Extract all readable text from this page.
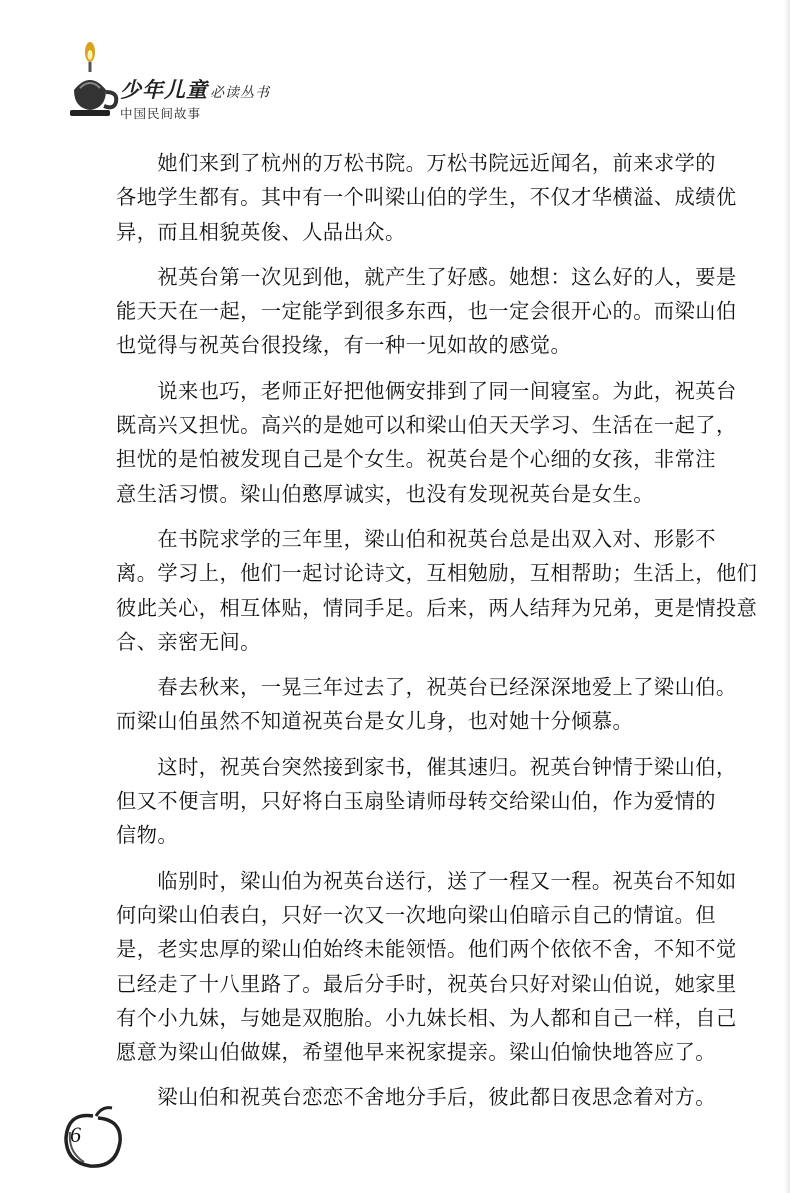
少年儿童 必读丛书
中国民间故事
　　她们来到了杭州的万松书院。万松书院远近闻名，前来求学的
各地学生都有。其中有一个叫梁山伯的学生，不仅才华横溢、成绩优
异，而且相貌英俊、人品出众。
　　祝英台第一次见到他，就产生了好感。她想：这么好的人，要是
能天天在一起，一定能学到很多东西，也一定会很开心的。而梁山伯
也觉得与祝英台很投缘，有一种一见如故的感觉。
　　说来也巧，老师正好把他俩安排到了同一间寝室。为此，祝英台
既高兴又担忧。高兴的是她可以和梁山伯天天学习、生活在一起了，
担忧的是怕被发现自己是个女生。祝英台是个心细的女孩，非常注
意生活习惯。梁山伯憨厚诚实，也没有发现祝英台是女生。
　　在书院求学的三年里，梁山伯和祝英台总是出双入对、形影不
离。学习上，他们一起讨论诗文，互相勉励，互相帮助；生活上，他们
彼此关心，相互体贴，情同手足。后来，两人结拜为兄弟，更是情投意
合、亲密无间。
　　春去秋来，一晃三年过去了，祝英台已经深深地爱上了梁山伯。
而梁山伯虽然不知道祝英台是女儿身，也对她十分倾慕。
　　这时，祝英台突然接到家书，催其速归。祝英台钟情于梁山伯，
但又不便言明，只好将白玉扇坠请师母转交给梁山伯，作为爱情的
信物。
　　临别时，梁山伯为祝英台送行，送了一程又一程。祝英台不知如
何向梁山伯表白，只好一次又一次地向梁山伯暗示自己的情谊。但
是，老实忠厚的梁山伯始终未能领悟。他们两个依依不舍，不知不觉
已经走了十八里路了。最后分手时，祝英台只好对梁山伯说，她家里
有个小九妹，与她是双胞胎。小九妹长相、为人都和自己一样，自己
愿意为梁山伯做媒，希望他早来祝家提亲。梁山伯愉快地答应了。
　　梁山伯和祝英台恋恋不舍地分手后，彼此都日夜思念着对方。
6
